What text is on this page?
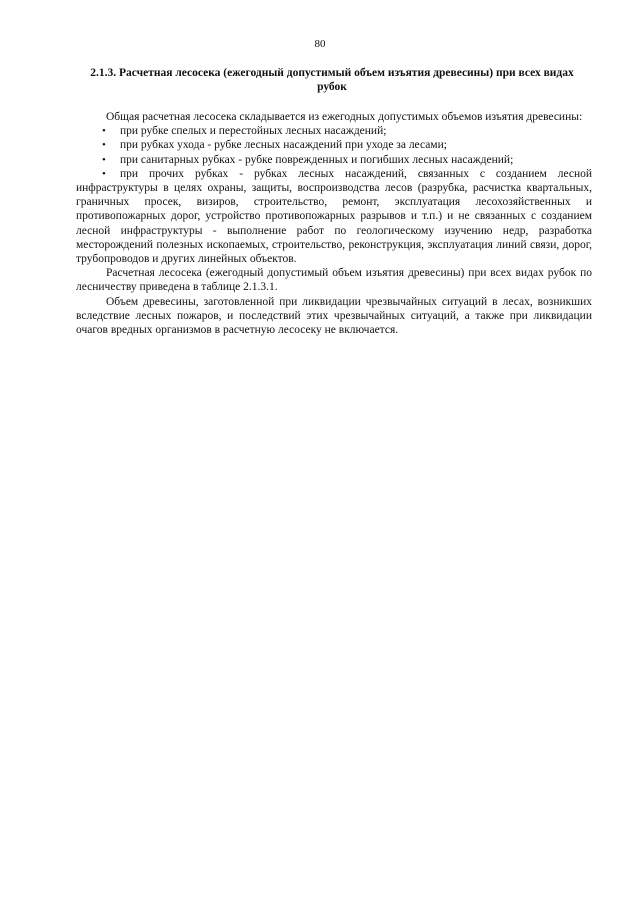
80
2.1.3. Расчетная лесосека (ежегодный допустимый объем изъятия древесины) при всех видах рубок

Общая расчетная лесосека складывается из ежегодных допустимых объемов изъятия древесины:

• при рубке спелых и перестойных лесных насаждений;
• при рубках ухода - рубке лесных насаждений при уходе за лесами;
• при санитарных рубках - рубке поврежденных и погибших лесных насаждений;
• при прочих рубках - рубках лесных насаждений, связанных с созданием лесной инфраструктуры в целях охраны, защиты, воспроизводства лесов (разрубка, расчистка квартальных, граничных просек, визиров, строительство, ремонт, эксплуатация лесохозяйственных и противопожарных дорог, устройство противопожарных разрывов и т.п.) и не связанных с созданием лесной инфраструктуры - выполнение работ по геологическому изучению недр, разработка месторождений полезных ископаемых, строительство, реконструкция, эксплуатация линий связи, дорог, трубопроводов и других линейных объектов.

Расчетная лесосека (ежегодный допустимый объем изъятия древесины) при всех видах рубок по лесничеству приведена в таблице 2.1.3.1.

Объем древесины, заготовленной при ликвидации чрезвычайных ситуаций в лесах, возникших вследствие лесных пожаров, и последствий этих чрезвычайных ситуаций, а также при ликвидации очагов вредных организмов в расчетную лесосеку не включается.
